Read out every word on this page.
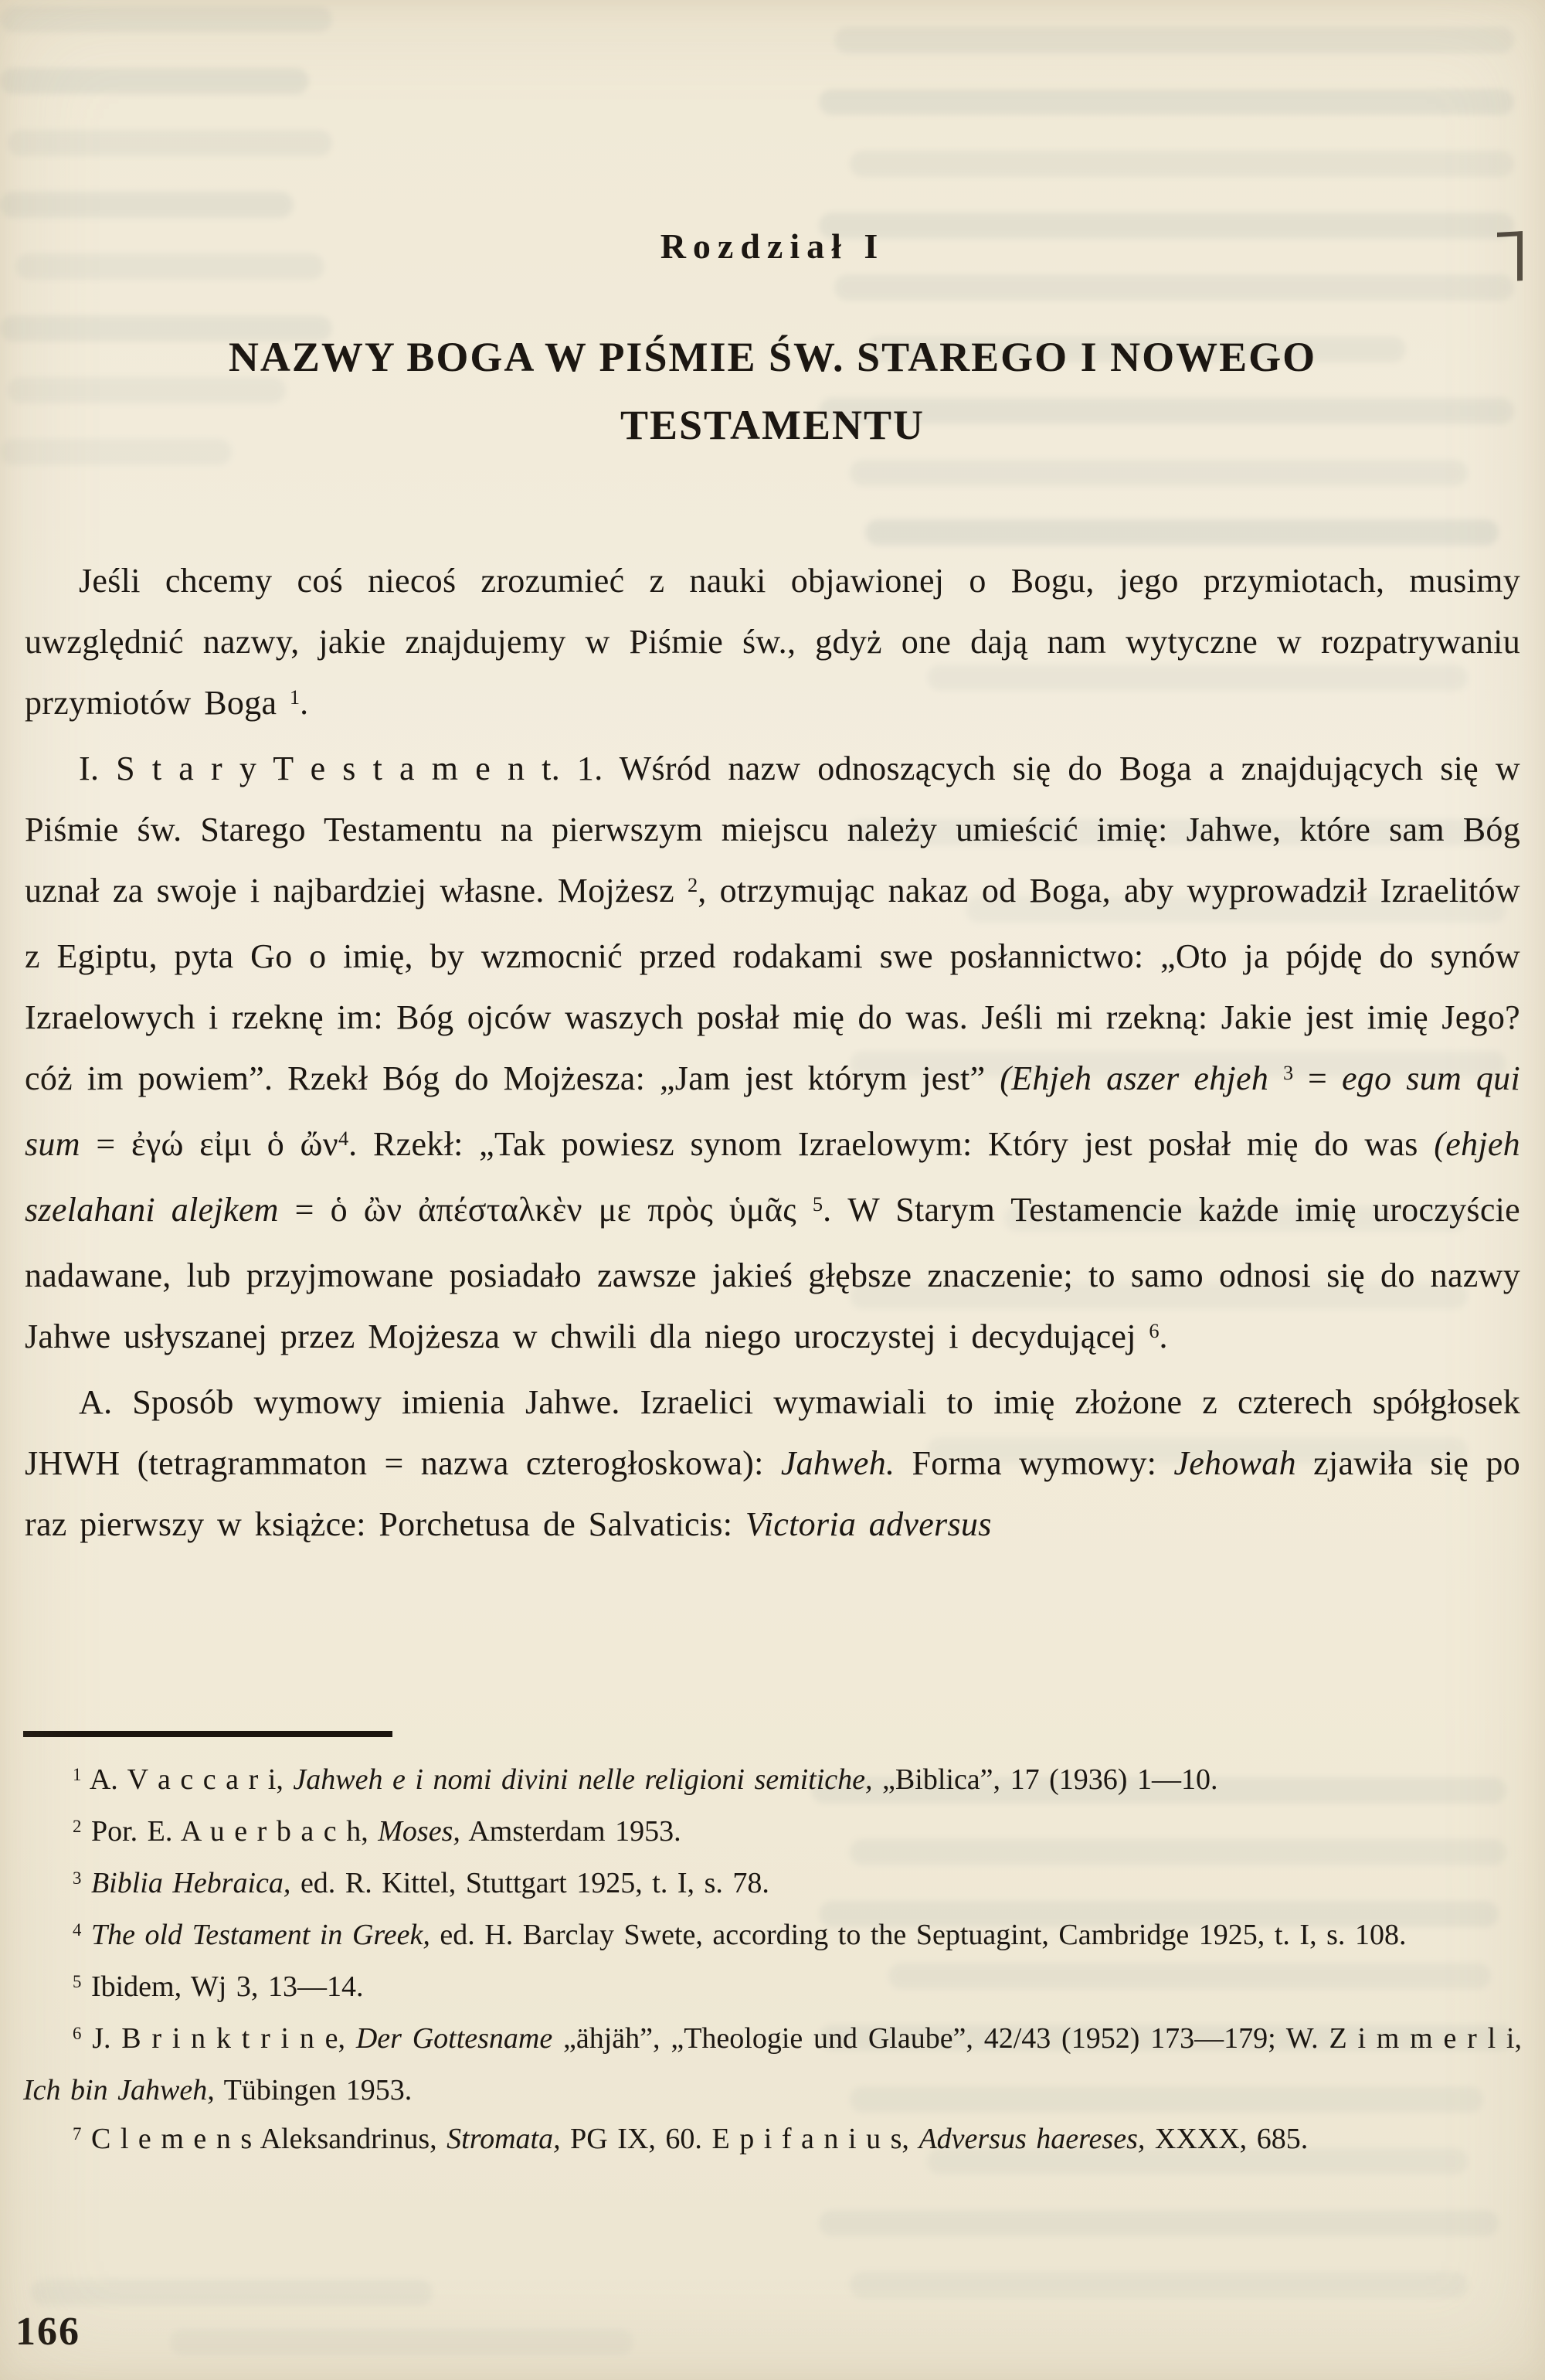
Rozdział I
NAZWY BOGA W PIŚMIE ŚW. STAREGO I NOWEGO
TESTAMENTU

Jeśli chcemy coś niecoś zrozumieć z nauki objawionej o Bogu, jego przymiotach, musimy uwzględnić nazwy, jakie znajdujemy w Piśmie św., gdyż one dają nam wytyczne w rozpatrywaniu przymiotów Boga $^1$.

I. S t a r y T e s t a m e n t. 1. Wśród nazw odnoszących się do Boga a znajdujących się w Piśmie św. Starego Testamentu na pierwszym miejscu należy umieścić imię: Jahwe, które sam Bóg uznał za swoje i najbardziej własne. Mojżesz $^2$, otrzymując nakaz od Boga, aby wyprowadził Izraelitów z Egiptu, pyta Go o imię, by wzmocnić przed rodakami swe posłannictwo: „Oto ja pójdę do synów Izraelowych i rzeknę im: Bóg ojców waszych posłał mię do was. Jeśli mi rzekną: Jakie jest imię Jego? cóż im powiem”. Rzekł Bóg do Mojżesza: „Jam jest którym jest” (Ehjeh aszer ehjeh $^3$ = ego sum qui sum = ἐγώ εἰμι ὁ ὤν$^4$. Rzekł: „Tak powiesz synom Izraelowym: Który jest posłał mię do was (ehjeh szelahani alejkem = ὁ ὢν ἀπέσταλκὲν με πρὸς ὑμᾶς $^5$. W Starym Testamencie każde imię uroczyście nadawane, lub przyjmowane posiadało zawsze jakieś głębsze znaczenie; to samo odnosi się do nazwy Jahwe usłyszanej przez Mojżesza w chwili dla niego uroczystej i decydującej $^6$.

A. Sposób wymowy imienia Jahwe. Izraelici wymawiali to imię złożone z czterech spółgłosek JHWH (tetragrammaton = nazwa czterogłoskowa): Jahweh. Forma wymowy: Jehowah zjawiła się po raz pierwszy w książce: Porchetusa de Salvaticis: Victoria adversus

$^1$ A. V a c c a r i, Jahweh e i nomi divini nelle religioni semitiche, „Biblica”, 17 (1936) 1—10.

$^2$ Por. E. A u e r b a c h, Moses, Amsterdam 1953.

$^3$ Biblia Hebraica, ed. R. Kittel, Stuttgart 1925, t. I, s. 78.

$^4$ The old Testament in Greek, ed. H. Barclay Swete, according to the Septuagint, Cambridge 1925, t. I, s. 108.

$^5$ Ibidem, Wj 3, 13—14.

$^6$ J. B r i n k t r i n e, Der Gottesname „ähjäh”, „Theologie und Glaube”, 42/43 (1952) 173—179; W. Z i m m e r l i, Ich bin Jahweh, Tübingen 1953.

$^7$ C l e m e n s Aleksandrinus, Stromata, PG IX, 60. E p i f a n i u s, Adversus haereses, XXXX, 685.

166
